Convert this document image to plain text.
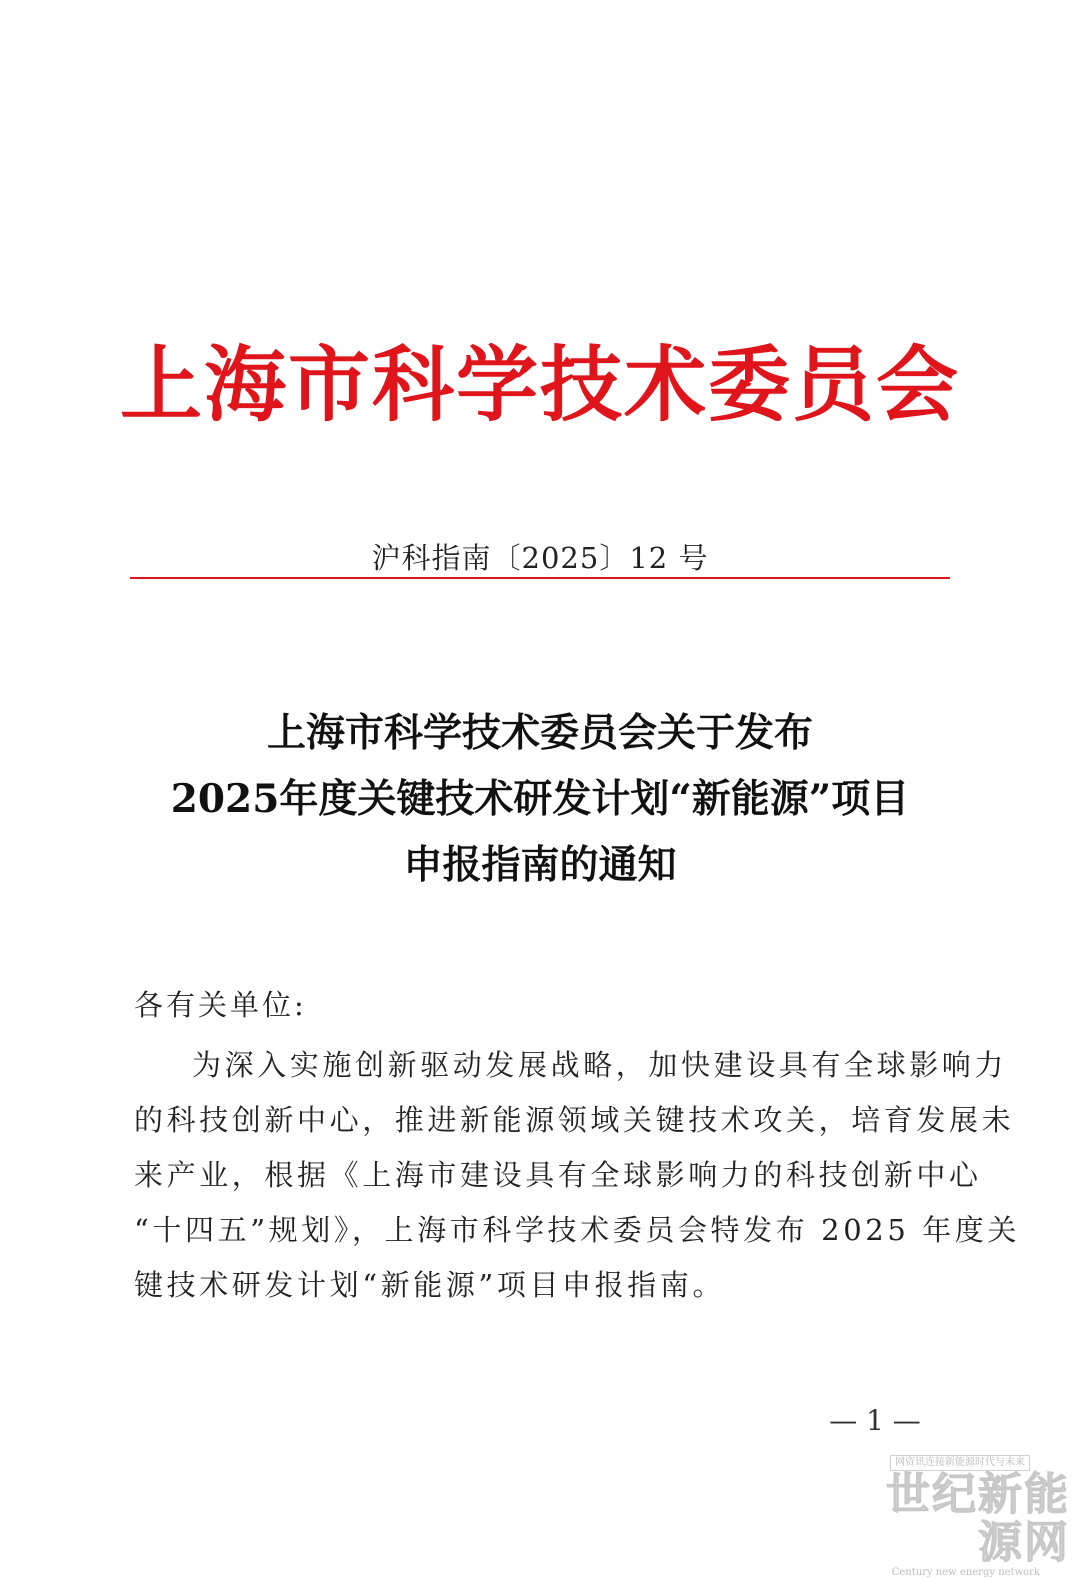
上海市科学技术委员会
沪科指南〔2025〕12 号
上海市科学技术委员会关于发布
2025年度关键技术研发计划“新能源”项目
申报指南的通知
各有关单位:
为深入实施创新驱动发展战略，加快建设具有全球影响力
的科技创新中心，推进新能源领域关键技术攻关，培育发展未
来产业，根据《上海市建设具有全球影响力的科技创新中心
“十四五”规划》，上海市科学技术委员会特发布 2025 年度关
键技术研发计划“新能源”项目申报指南。
— 1 —
网资讯连接新能源时代与未来
世纪新能源网
Century new energy network
